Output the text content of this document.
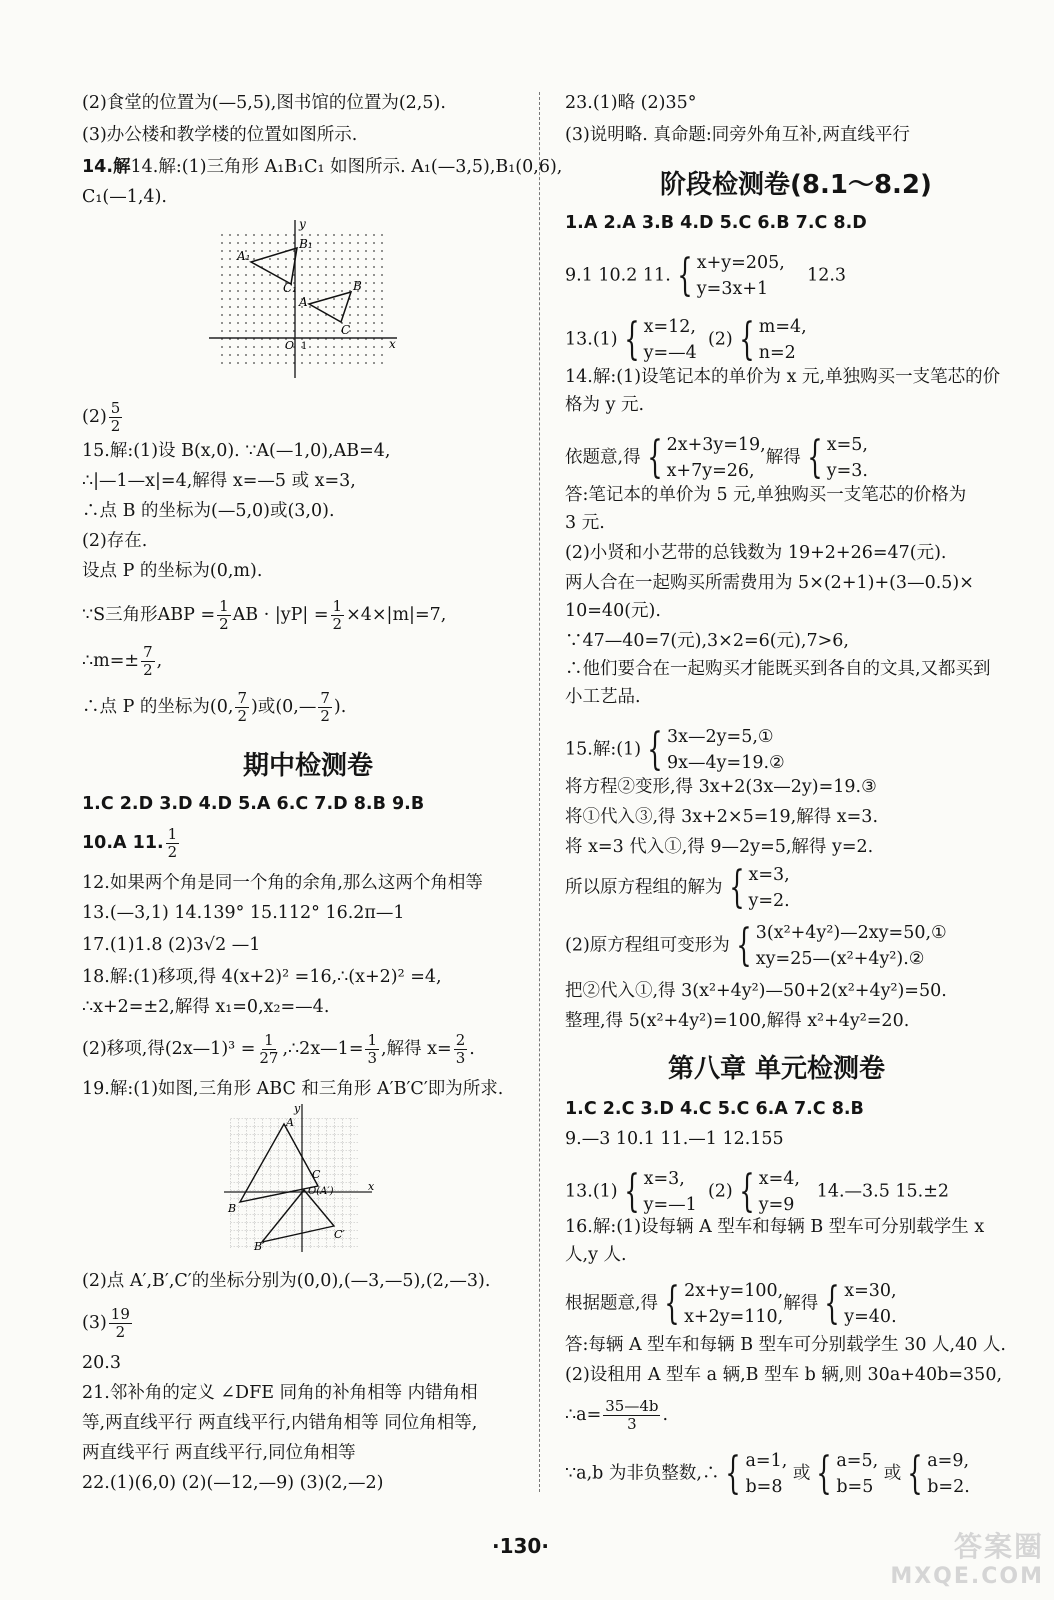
(2)食堂的位置为(—5,5),图书馆的位置为(2,5).
(3)办公楼和教学楼的位置如图所示.
14.解14.解:(1)三角形 A₁B₁C₁ 如图所示. A₁(—3,5),B₁(0,6),
C₁(—1,4).
x
y
O 1
A₁
B₁
C₁
A
B
C
$(2) \frac{5}{2}$
15.解:(1)设 B(x,0). ∵A(—1,0),AB=4,
∴|—1—x|=4,解得 x=—5 或 x=3,
∴点 B 的坐标为(—5,0)或(3,0).
(2)存在.
设点 P 的坐标为(0,m).
∵S三角形ABP = $\frac{1}{2}$ AB · $|yP| = \frac{1}{2} \times 4\times|m|=7$,
∴m=± $\frac{7}{2}$ ,
∴点 P 的坐标为(0, $\frac{7}{2}$ )或(0,— $\frac{7}{2}$ ).
期中检测卷
1.C 2.D 3.D 4.D 5.A 6.C 7.D 8.B 9.B
10.A 11. $\frac{1}{2}$
12.如果两个角是同一个角的余角,那么这两个角相等
13.(—3,1) 14.139° 15.112° 16.2π—1
17.(1)1.8 (2)3√2 —1
18.解:(1)移项,得 4(x+2)² =16,∴(x+2)² =4,
∴x+2=±2,解得 x₁=0,x₂=—4.
(2)移项,得(2x—1)³ = $\frac{1}{27}$ ,∴2x—1= $\frac{1}{3}$ ,解得 $x= \frac{2}{3}$ .
19.解:(1)如图,三角形 ABC 和三角形 A′B′C′即为所求.
x
y
A
B
C
O(A′)
B′
C′
(2)点 A′,B′,C′的坐标分别为(0,0),(—3,—5),(2,—3).
$(3) \frac{19}{2}$
20.3
21.邻补角的定义 ∠DFE 同角的补角相等 内错角相
等,两直线平行 两直线平行,内错角相等 同位角相等,
两直线平行 两直线平行,同位角相等
22.(1)(6,0) (2)(—12,—9) (3)(2,—2)
23.(1)略 (2)35°
(3)说明略. 真命题:同旁外角互补,两直线平行
阶段检测卷(8.1～8.2)
1.A 2.A 3.B 4.D 5.C 6.B 7.C 8.D
9.1 10.2 11. { x+y=205,
y=3x+1
12.3
13.(1) { x=12,
y=—4
(2) { m=4,
n=2
14.解:(1)设笔记本的单价为 x 元,单独购买一支笔芯的价
格为 y 元.
依题意,得 { 2x+3y=19,
x+7y=26,
解得 { x=5,
y=3.
答:笔记本的单价为 5 元,单独购买一支笔芯的价格为
3 元.
(2)小贤和小艺带的总钱数为 19+2+26=47(元).
两人合在一起购买所需费用为 5×(2+1)+(3—0.5)×
10=40(元).
∵47—40=7(元),3×2=6(元),7>6,
∴他们要合在一起购买才能既买到各自的文具,又都买到
小工艺品.
15.解:(1) { 3x—2y=5,①
9x—4y=19.②
将方程②变形,得 3x+2(3x—2y)=19.③
将①代入③,得 3x+2×5=19,解得 x=3.
将 x=3 代入①,得 9—2y=5,解得 y=2.
所以原方程组的解为 { x=3,
y=2.
(2)原方程组可变形为 { 3(x²+4y²)—2xy=50,①
xy=25—(x²+4y²).②
把②代入①,得 3(x²+4y²)—50+2(x²+4y²)=50.
整理,得 5(x²+4y²)=100,解得 x²+4y²=20.
第八章 单元检测卷
1.C 2.C 3.D 4.C 5.C 6.A 7.C 8.B
9.—3 10.1 11.—1 12.155
13.(1) { x=3,
y=—1
(2) { x=4,
y=9
14.—3.5 15.±2
16.解:(1)设每辆 A 型车和每辆 B 型车可分别载学生 x
人,y 人.
根据题意,得 { 2x+y=100,
x+2y=110,
解得 { x=30,
y=40.
答:每辆 A 型车和每辆 B 型车可分别载学生 30 人,40 人.
(2)设租用 A 型车 a 辆,B 型车 b 辆,则 30a+40b=350,
∴a= $\frac{35—4b}{3}$ .
∵a,b 为非负整数,∴ { a=1,
b=8
或 { a=5,
b=5
或 { a=9,
b=2.
·130·	答案圈
MXQE.COM
